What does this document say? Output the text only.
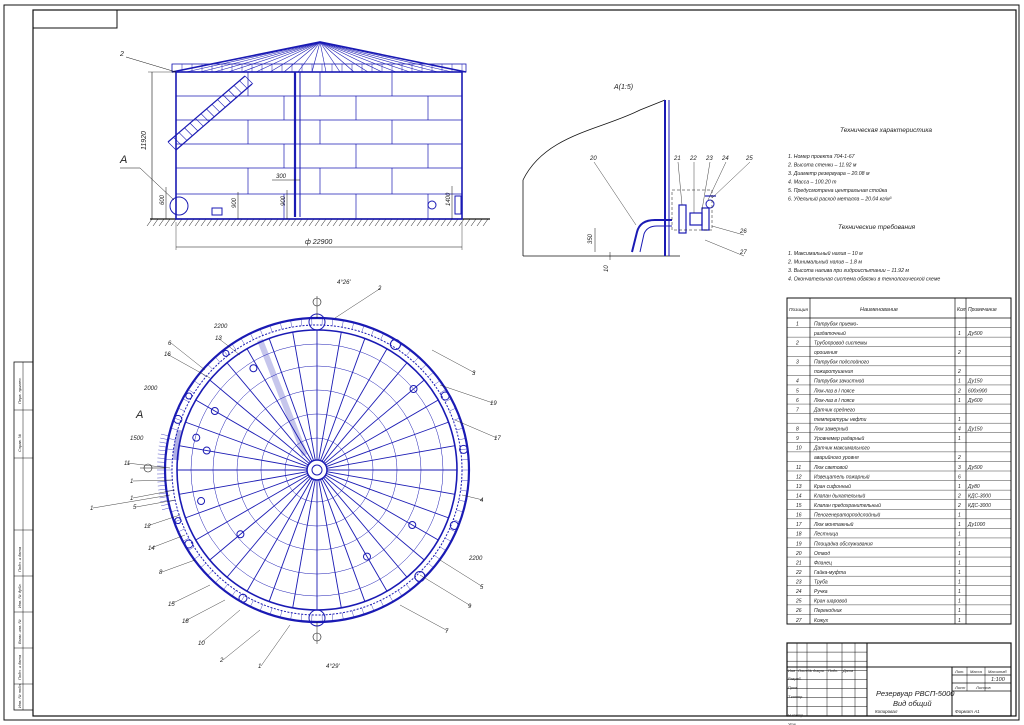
Перв. примен.
Справ. №
Подп. и дата
Инв. № дубл.
Взам. инв. №
Подп. и дата
Инв. № подл.
11920
ф 22900
300
600	900	900	1400
2
А
А(1:5)
350
10
20	21 22 23 24	25
26
27
4°26'
4°29'
2200
2200
2000
1500
А
2
3
19
17
4
5
9
7
6
16
13
11
1
5
12
14
8
15
18
10
2
1
1
1
Техническая характеристика
1. Номер проекта 704-1-67
2. Высота стенки – 11.92 м
3. Диаметр резервуара – 20.08 м
4. Масса – 100.20 т
5. Предусмотрена центральная стойка
6. Удельный расход металла – 20.04 кг/м³
Технические требования
1. Максимальный налив – 10 м
2. Минимальный налив – 1.8 м
3. Высота налива при гидроиспытании – 11.92 м
4. Окончательная система обвязки в технологической схеме
Позиция	Наименование	Кол Примечание
1	Патрубок приемо-
раздаточный	1 Ду500
2	Трубопровод системы
орошения	2
3	Патрубок подслойного
пожаротушения	2
4	Патрубок зачистной	1 Ду150
5	Люк-лаз в I поясе	2 600х900
6	Люк-лаз в I поясе	1 Ду600
7	Датчик среднего
температуры нефти	1
8	Люк замерный	4 Ду150
9	Уровнемер радарный	1
10 Датчик максимального
аварийного уровня	2
11	Люк световой	3 Ду500
12 Извещатель пожарный	6
13 Кран сифонный	1 Ду80
14 Клапан дыхательный	2 КДС-3000
15 Клапан предохранительный	2 КДС-3000
16 Пеногенераторподслойный	1
17 Люк монтажный	1 Ду1000
18 Лестница	1
19 Площадка обслуживания	1
20 Отвод	1
21 Фланец	1
22 Гайка-муфта	1
23 Труба	1
24 Ручка	1
25 Кран шаровой	1
26 Перекодник	1
27 Кожух	1
Резервуар РВСП-5000
Вид общий
Лит. Масса Масштаб
1:100
Лист	Листов
Копировал	Формат А1
Изм Лист № докум. Подп. Дата
Разраб.
Пров.
Т.контр.
Н.контр.
Утв.
